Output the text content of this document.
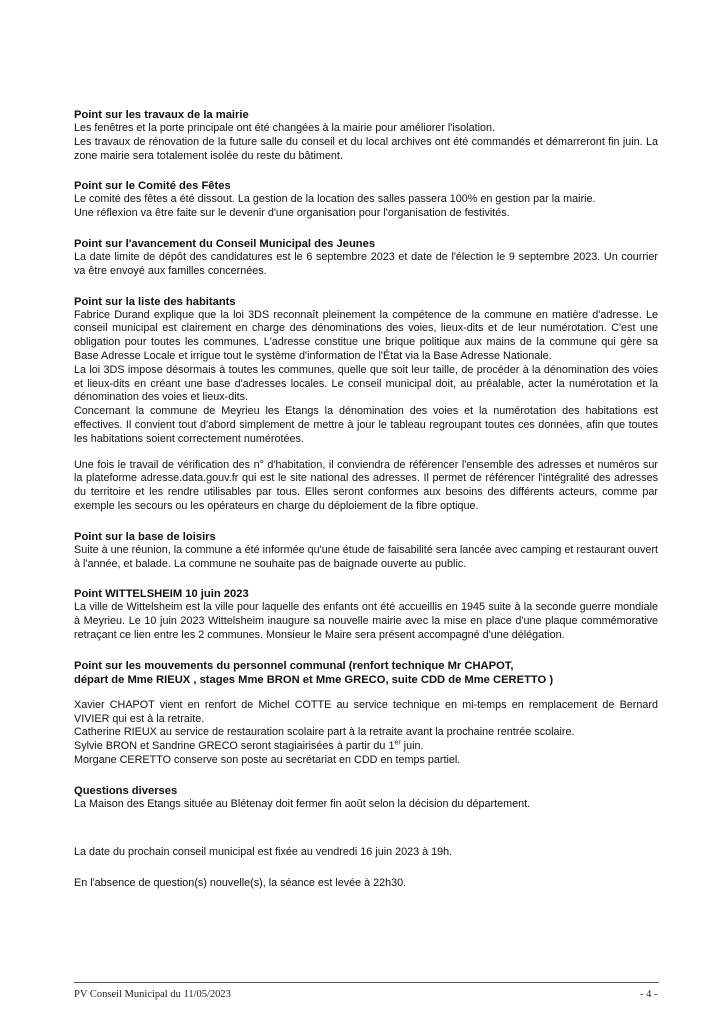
Point sur les travaux de la mairie

Les fenêtres et la porte principale ont été changées à la mairie pour améliorer l'isolation.

Les travaux de rénovation de la future salle du conseil et du local archives ont été commandés et démarreront fin juin. La zone mairie sera totalement isolée du reste du bâtiment.

Point sur le Comité des Fêtes

Le comité des fêtes a été dissout. La gestion de la location des salles passera 100% en gestion par la mairie.

Une réflexion va être faite sur le devenir d'une organisation pour l'organisation de festivités.

Point sur l'avancement du Conseil Municipal des Jeunes

La date limite de dépôt des candidatures est le 6 septembre 2023 et date de l'élection le 9 septembre 2023. Un courrier va être envoyé aux familles concernées.

Point sur la liste des habitants

Fabrice Durand explique que la loi 3DS reconnaît pleinement la compétence de la commune en matière d'adresse. Le conseil municipal est clairement en charge des dénominations des voies, lieux-dits et de leur numérotation. C'est une obligation pour toutes les communes. L'adresse constitue une brique politique aux mains de la commune qui gère sa Base Adresse Locale et irrigue tout le système d'information de l'État via la Base Adresse Nationale.

La loi 3DS impose désormais à toutes les communes, quelle que soit leur taille, de procéder à la dénomination des voies et lieux-dits en créant une base d'adresses locales. Le conseil municipal doit, au préalable, acter la numérotation et la dénomination des voies et lieux-dits.

Concernant la commune de Meyrieu les Etangs la dénomination des voies et la numérotation des habitations est effectives. Il convient tout d'abord simplement de mettre à jour le tableau regroupant toutes ces données, afin que toutes les habitations soient correctement numérotées.

Une fois le travail de vérification des n° d'habitation, il conviendra de référencer l'ensemble des adresses et numéros sur la plateforme adresse.data.gouv.fr qui est le site national des adresses. Il permet de référencer l'intégralité des adresses du territoire et les rendre utilisables par tous. Elles seront conformes aux besoins des différents acteurs, comme par exemple les secours ou les opérateurs en charge du déploiement de la fibre optique.

Point sur la base de loisirs

Suite à une réunion, la commune a été informée qu'une étude de faisabilité sera lancée avec camping et restaurant ouvert à l'année, et balade. La commune ne souhaite pas de baignade ouverte au public.

Point WITTELSHEIM 10 juin 2023

La ville de Wittelsheim est la ville pour laquelle des enfants ont été accueillis en 1945 suite à la seconde guerre mondiale à Meyrieu. Le 10 juin 2023 Wittelsheim inaugure sa nouvelle mairie avec la mise en place d'une plaque commémorative retraçant ce lien entre les 2 communes. Monsieur le Maire sera présent accompagné d'une délégation.

Point sur les mouvements du personnel communal (renfort technique Mr CHAPOT,

départ de Mme RIEUX , stages Mme BRON et Mme GRECO, suite CDD de Mme CERETTO )

Xavier CHAPOT vient en renfort de Michel COTTE au service technique en mi-temps en remplacement de Bernard VIVIER qui est à la retraite.

Catherine RIEUX au service de restauration scolaire part à la retraite avant la prochaine rentrée scolaire.

Sylvie BRON et Sandrine GRECO seront stagiairisées à partir du 1er juin.

Morgane CERETTO conserve son poste au secrétariat en CDD en temps partiel.

Questions diverses

La Maison des Etangs située au Blétenay doit fermer fin août selon la décision du département.

La date du prochain conseil municipal est fixée au vendredi 16 juin 2023 à 19h.

En l'absence de question(s) nouvelle(s), la séance est levée à 22h30.

PV Conseil Municipal du 11/05/2023	- 4 -
